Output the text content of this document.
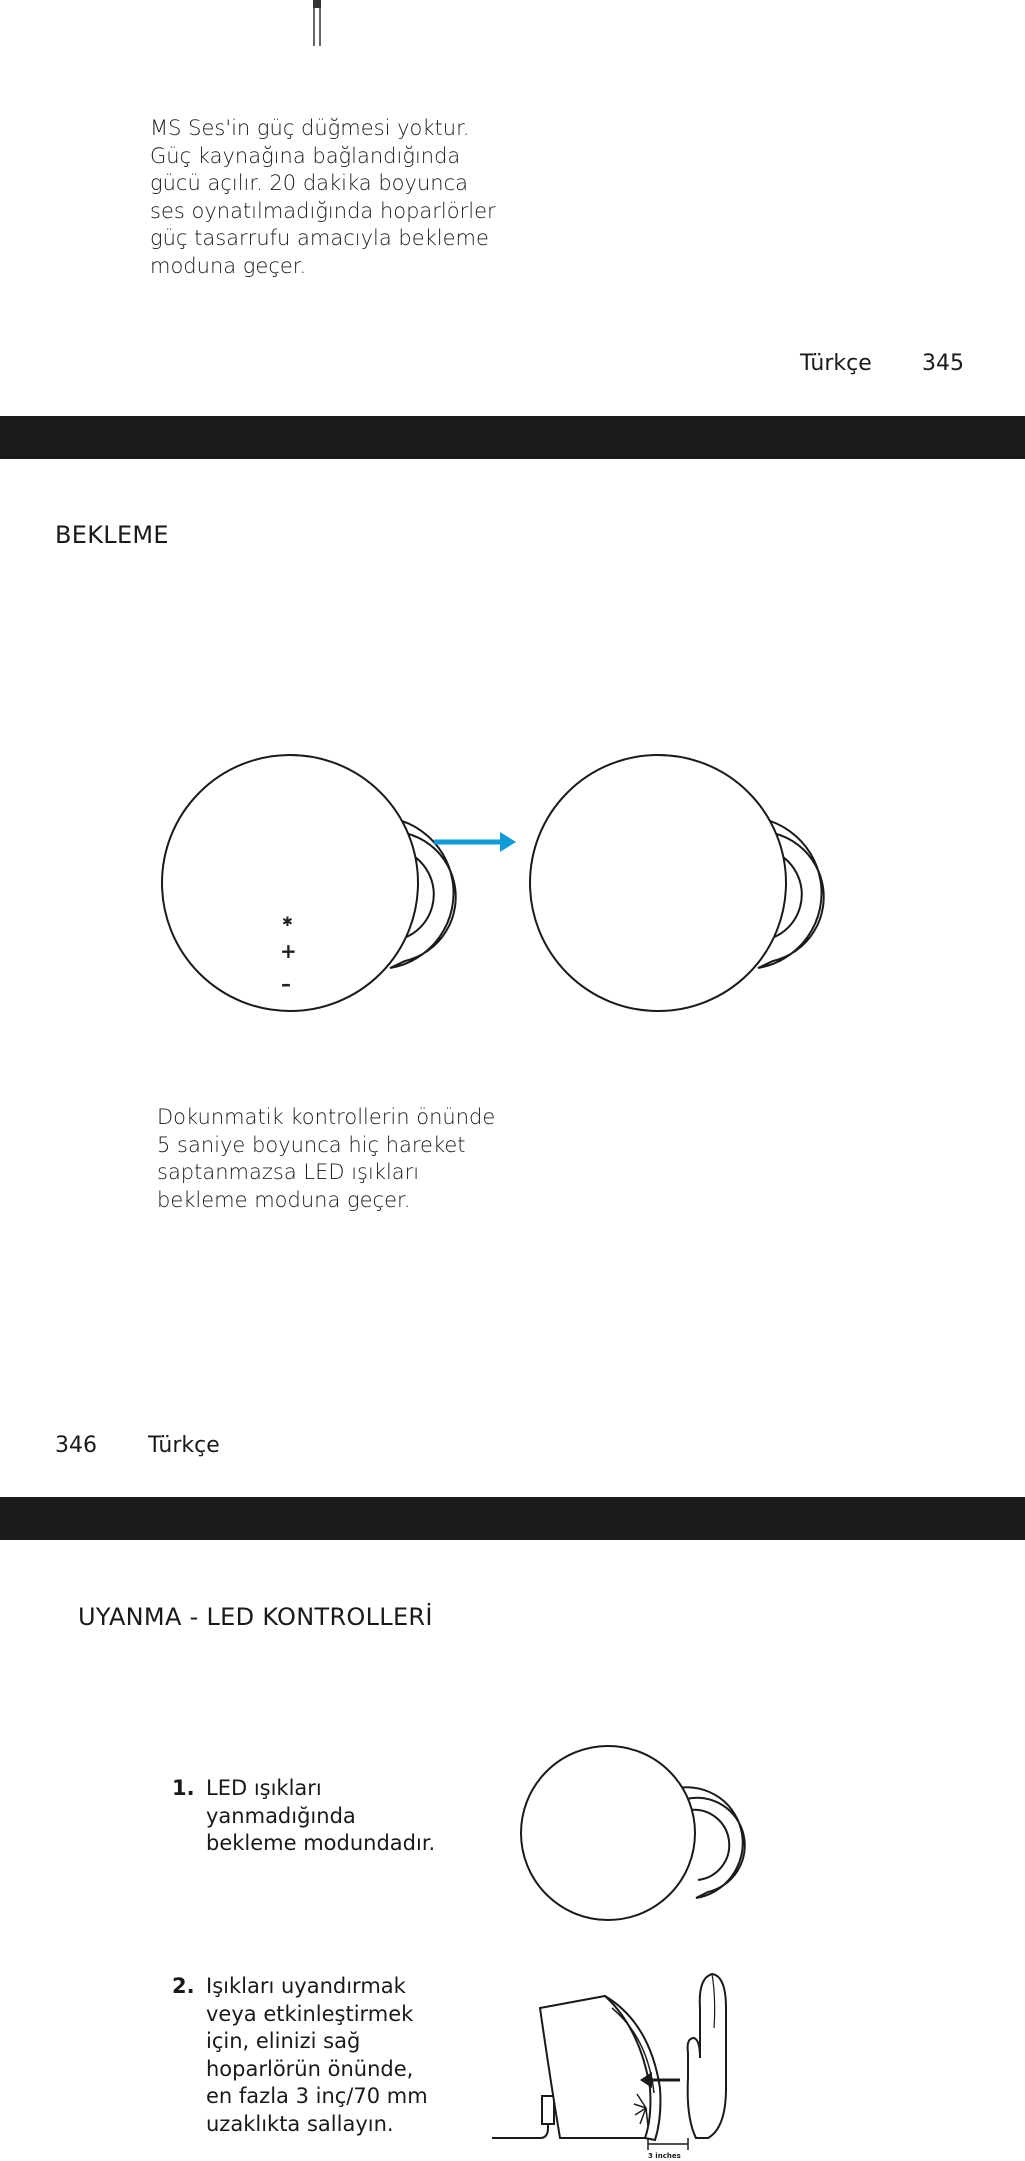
MS Ses'in güç düğmesi yoktur.
Güç kaynağına bağlandığında
gücü açılır. 20 dakika boyunca
ses oynatılmadığında hoparlörler
güç tasarrufu amacıyla bekleme
moduna geçer.

Türkçe 345
BEKLEME
✱
+
–

Dokunmatik kontrollerin önünde
5 saniye boyunca hiç hareket
saptanmazsa LED ışıkları
bekleme moduna geçer.

346 Türkçe
UYANMA - LED KONTROLLERİ
1. LED ışıkları
yanmadığında
bekleme modundadır.
2. Işıkları uyandırmak
veya etkinleştirmek
için, elinizi sağ
hoparlörün önünde,
en fazla 3 inç/70 mm
uzaklıkta sallayın.
3 inches
